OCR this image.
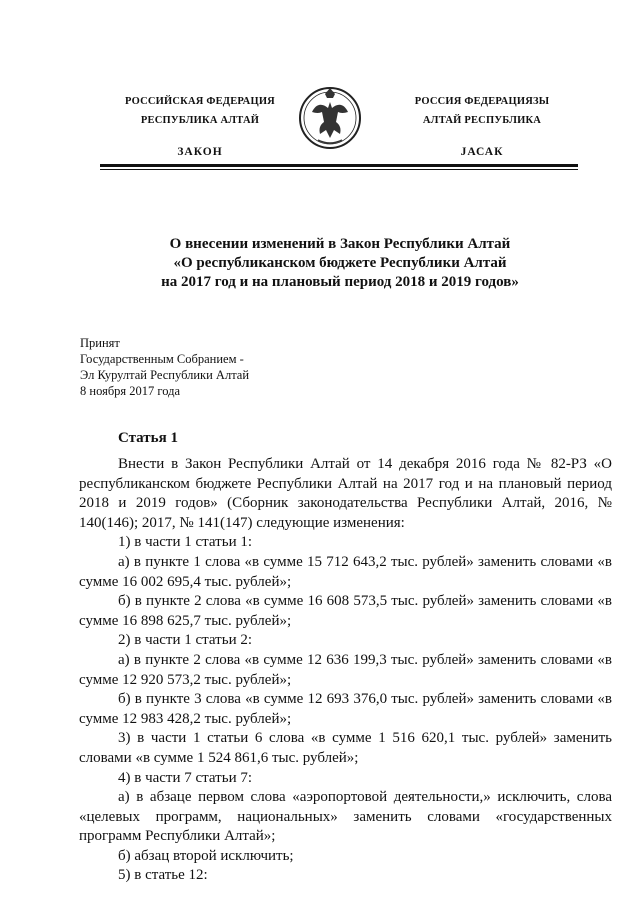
РОССИЙСКАЯ ФЕДЕРАЦИЯ
РЕСПУБЛИКА АЛТАЙ
ЗАКОН
РОССИЯ ФЕДЕРАЦИЯЗЫ
АЛТАЙ РЕСПУБЛИКА
ЈАСАК
О внесении изменений в Закон Республики Алтай
«О республиканском бюджете Республики Алтай
на 2017 год и на плановый период 2018 и 2019 годов»
Принят
Государственным Собранием -
Эл Курултай Республики Алтай
8 ноября 2017 года
Статья 1

Внести в Закон Республики Алтай от 14 декабря 2016 года № 82-РЗ «О республиканском бюджете Республики Алтай на 2017 год и на плановый период 2018 и 2019 годов» (Сборник законодательства Республики Алтай, 2016, № 140(146); 2017, № 141(147) следующие изменения:

1) в части 1 статьи 1:

а) в пункте 1 слова «в сумме 15 712 643,2 тыс. рублей» заменить словами «в сумме 16 002 695,4 тыс. рублей»;

б) в пункте 2 слова «в сумме 16 608 573,5 тыс. рублей» заменить словами «в сумме 16 898 625,7 тыс. рублей»;

2) в части 1 статьи 2:

а) в пункте 2 слова «в сумме 12 636 199,3 тыс. рублей» заменить словами «в сумме 12 920 573,2 тыс. рублей»;

б) в пункте 3 слова «в сумме 12 693 376,0 тыс. рублей» заменить словами «в сумме 12 983 428,2 тыс. рублей»;

3) в части 1 статьи 6 слова «в сумме 1 516 620,1 тыс. рублей» заменить словами «в сумме 1 524 861,6 тыс. рублей»;

4) в части 7 статьи 7:

а) в абзаце первом слова «аэропортовой деятельности,» исключить, слова «целевых программ, национальных» заменить словами «государственных программ Республики Алтай»;

б) абзац второй исключить;

5) в статье 12:
